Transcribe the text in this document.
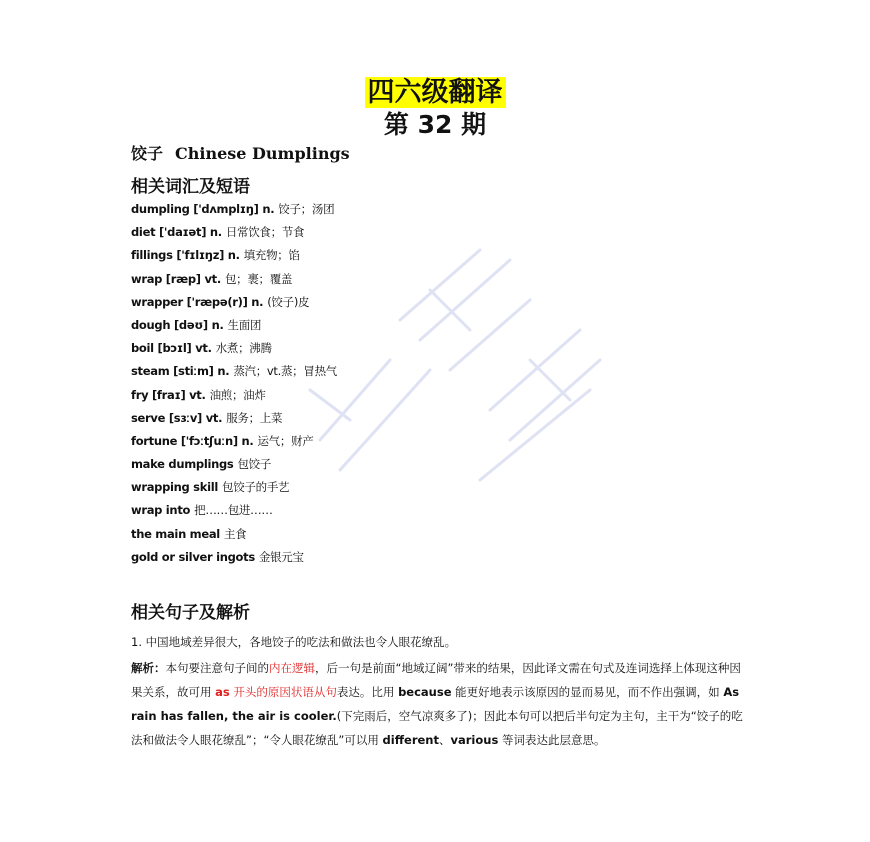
四六级翻译
第 32 期
饺子 Chinese Dumplings
相关词汇及短语
dumpling ['dʌmplɪŋ] n. 饺子；汤团
diet ['daɪət] n. 日常饮食；节食
fillings ['fɪlɪŋz] n. 填充物；馅
wrap [ræp] vt. 包；裹；覆盖
wrapper ['ræpə(r)] n. (饺子)皮
dough [dəʊ] n. 生面团
boil [bɔɪl] vt. 水煮；沸腾
steam [stiːm] n. 蒸汽；vt.蒸；冒热气
fry [fraɪ] vt. 油煎；油炸
serve [sɜːv] vt. 服务；上菜
fortune ['fɔːtʃuːn] n. 运气；财产
make dumplings 包饺子
wrapping skill 包饺子的手艺
wrap into 把……包进……
the main meal 主食
gold or silver ingots 金银元宝
相关句子及解析
1. 中国地域差异很大，各地饺子的吃法和做法也令人眼花缭乱。
解析：本句要注意句子间的内在逻辑，后一句是前面“地域辽阔”带来的结果，因此译文需在句式及连词选择上体现这种因果关系，故可用 as 开头的原因状语从句表达。比用 because 能更好地表示该原因的显而易见，而不作出强调，如 As rain has fallen, the air is cooler.(下完雨后，空气凉爽多了)；因此本句可以把后半句定为主句，主干为“饺子的吃法和做法令人眼花缭乱”；“令人眼花缭乱”可以用 different、various 等词表达此层意思。
